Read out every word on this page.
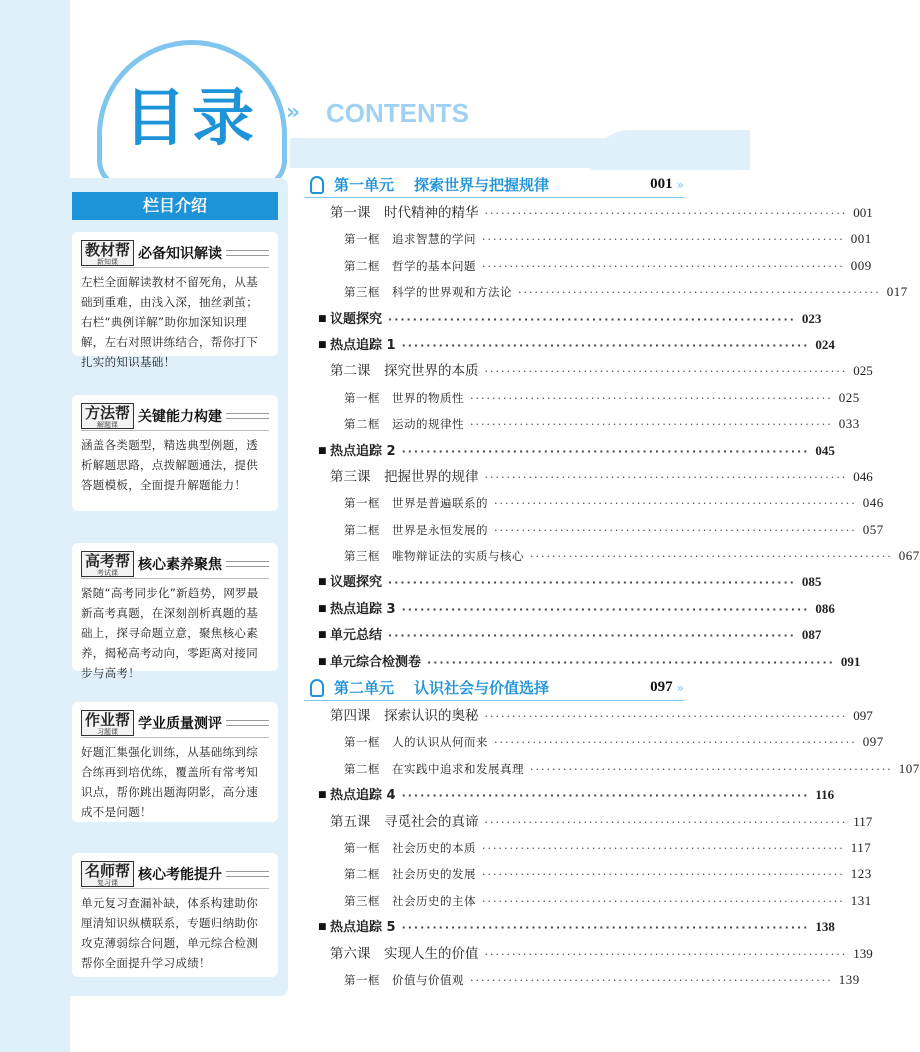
目录	» CONTENTS
栏目介绍
教材帮
新知课	必备知识解读
左栏全面解读教材不留死角，从基础到重难，由浅入深，抽丝剥茧；右栏“典例详解”助你加深知识理解，左右对照讲练结合，帮你打下扎实的知识基础！
方法帮
解题课	关键能力构建
涵盖各类题型，精选典型例题，透析解题思路，点拨解题通法，提供答题模板，全面提升解题能力！
高考帮
考试课	核心素养聚焦
紧随“高考同步化”新趋势，网罗最新高考真题，在深刻剖析真题的基础上，探寻命题立意，聚焦核心素养，揭秘高考动向，零距离对接同步与高考！
作业帮
习题课	学业质量测评
好题汇集强化训练，从基础练到综合练再到培优练，覆盖所有常考知识点，帮你跳出题海阴影，高分速成不是问题！
名师帮
复习课	核心考能提升
单元复习查漏补缺，体系构建助你厘清知识纵横联系，专题归纳助你攻克薄弱综合问题，单元综合检测帮你全面提升学习成绩！
第一单元 探索世界与把握规律	001 »
第一课　时代精神的精华 ·································································· 001
第一框　追求智慧的学问 ·································································· 001
第二框　哲学的基本问题 ·································································· 009
第三框　科学的世界观和方法论 ·································································· 017
■ 议题探究 ·································································· 023
■ 热点追踪 1 ·································································· 024
第二课　探究世界的本质 ·································································· 025
第一框　世界的物质性 ·································································· 025
第二框　运动的规律性 ·································································· 033
■ 热点追踪 2 ·································································· 045
第三课　把握世界的规律 ·································································· 046
第一框　世界是普遍联系的 ·································································· 046
第二框　世界是永恒发展的 ·································································· 057
第三框　唯物辩证法的实质与核心 ·································································· 067
■ 议题探究 ·································································· 085
■ 热点追踪 3 ·································································· 086
■ 单元总结 ·································································· 087
■ 单元综合检测卷 ·································································· 091
第二单元 认识社会与价值选择	097 »
第四课　探索认识的奥秘 ·································································· 097
第一框　人的认识从何而来 ·································································· 097
第二框　在实践中追求和发展真理 ·································································· 107
■ 热点追踪 4 ·································································· 116
第五课　寻觅社会的真谛 ·································································· 117
第一框　社会历史的本质 ·································································· 117
第二框　社会历史的发展 ·································································· 123
第三框　社会历史的主体 ·································································· 131
■ 热点追踪 5 ·································································· 138
第六课　实现人生的价值 ·································································· 139
第一框　价值与价值观 ·································································· 139
